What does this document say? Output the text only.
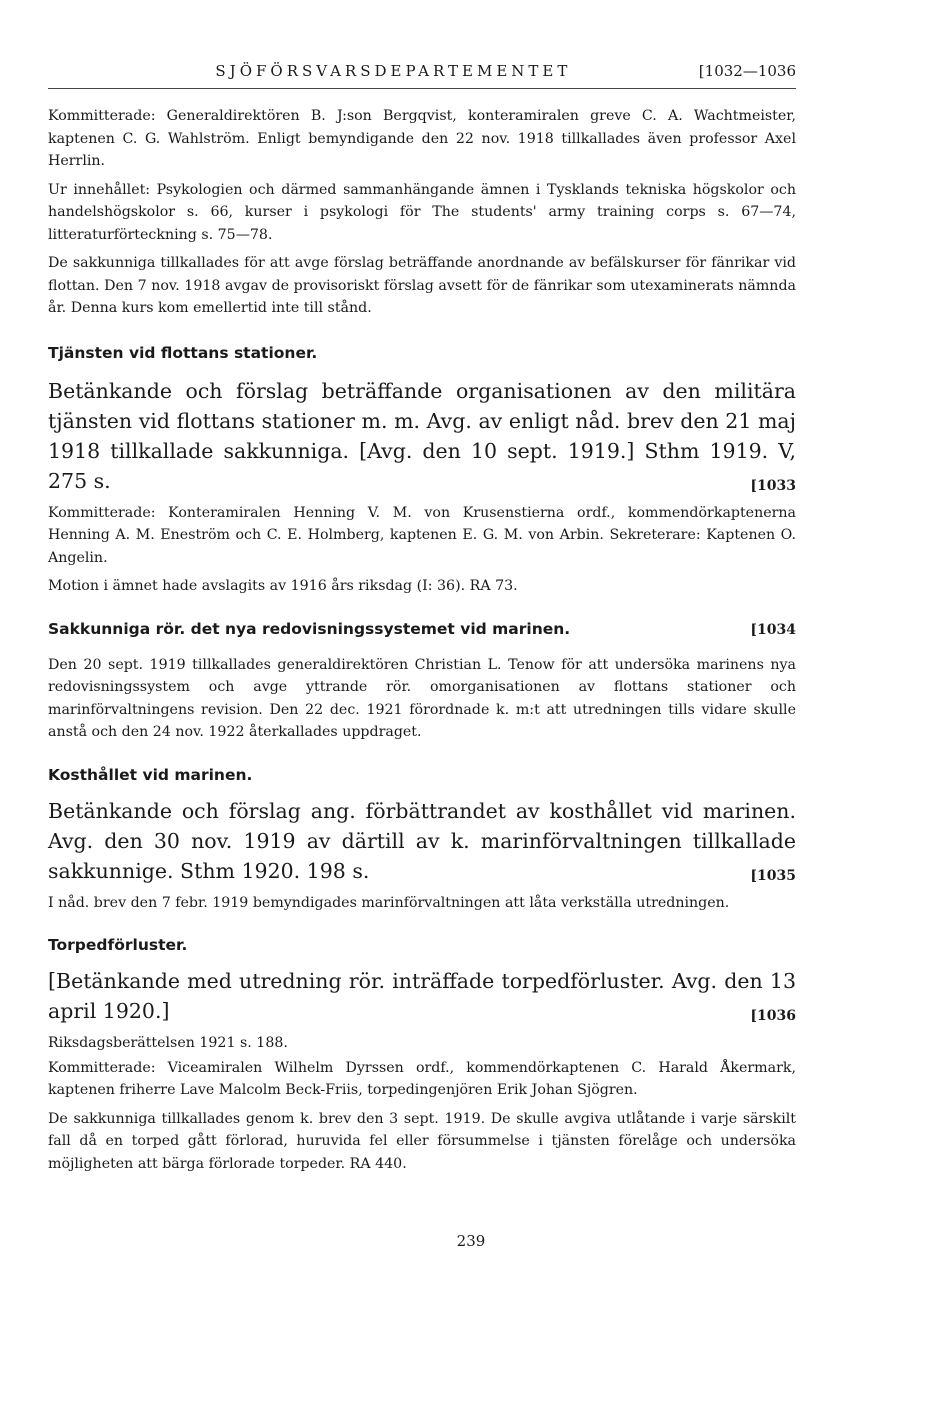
SJÖFÖRSVARSDEPARTEMENTET	[1032—1036

Kommitterade: Generaldirektören B. J:son Bergqvist, konteramiralen greve C. A. Wachtmeister, kaptenen C. G. Wahlström. Enligt bemyndigande den 22 nov. 1918 tillkallades även professor Axel Herrlin.

Ur innehållet: Psykologien och därmed sammanhängande ämnen i Tysklands tekniska högskolor och handelshögskolor s. 66, kurser i psykologi för The students' army training corps s. 67—74, litteraturförteckning s. 75—78.

De sakkunniga tillkallades för att avge förslag beträffande anordnande av befälskurser för fänrikar vid flottan. Den 7 nov. 1918 avgav de provisoriskt förslag avsett för de fänrikar som utexaminerats nämnda år. Denna kurs kom emellertid inte till stånd.

Tjänsten vid flottans stationer.

Betänkande och förslag beträffande organisationen av den militära tjänsten vid flottans stationer m. m. Avg. av enligt nåd. brev den 21 maj 1918 tillkallade sakkunniga. [Avg. den 10 sept. 1919.] Sthm 1919. V, 275 s.	[1033

Kommitterade: Konteramiralen Henning V. M. von Krusenstierna ordf., kommendörkaptenerna Henning A. M. Eneström och C. E. Holmberg, kaptenen E. G. M. von Arbin. Sekreterare: Kaptenen O. Angelin.

Motion i ämnet hade avslagits av 1916 års riksdag (I: 36). RA 73.

Sakkunniga rör. det nya redovisningssystemet vid marinen.	[1034

Den 20 sept. 1919 tillkallades generaldirektören Christian L. Tenow för att undersöka marinens nya redovisningssystem och avge yttrande rör. omorganisationen av flottans stationer och marinförvaltningens revision. Den 22 dec. 1921 förordnade k. m:t att utredningen tills vidare skulle anstå och den 24 nov. 1922 återkallades uppdraget.

Kosthållet vid marinen.

Betänkande och förslag ang. förbättrandet av kosthållet vid marinen. Avg. den 30 nov. 1919 av därtill av k. marinförvaltningen tillkallade sakkunnige. Sthm 1920. 198 s.	[1035

I nåd. brev den 7 febr. 1919 bemyndigades marinförvaltningen att låta verkställa utredningen.

Torpedförluster.

[Betänkande med utredning rör. inträffade torpedförluster. Avg. den 13 april 1920.]	[1036

Riksdagsberättelsen 1921 s. 188.

Kommitterade: Viceamiralen Wilhelm Dyrssen ordf., kommendörkaptenen C. Harald Åkermark, kaptenen friherre Lave Malcolm Beck-Friis, torpedingenjören Erik Johan Sjögren.

De sakkunniga tillkallades genom k. brev den 3 sept. 1919. De skulle avgiva utlåtande i varje särskilt fall då en torped gått förlorad, huruvida fel eller försummelse i tjänsten förelåge och undersöka möjligheten att bärga förlorade torpeder. RA 440.

239
